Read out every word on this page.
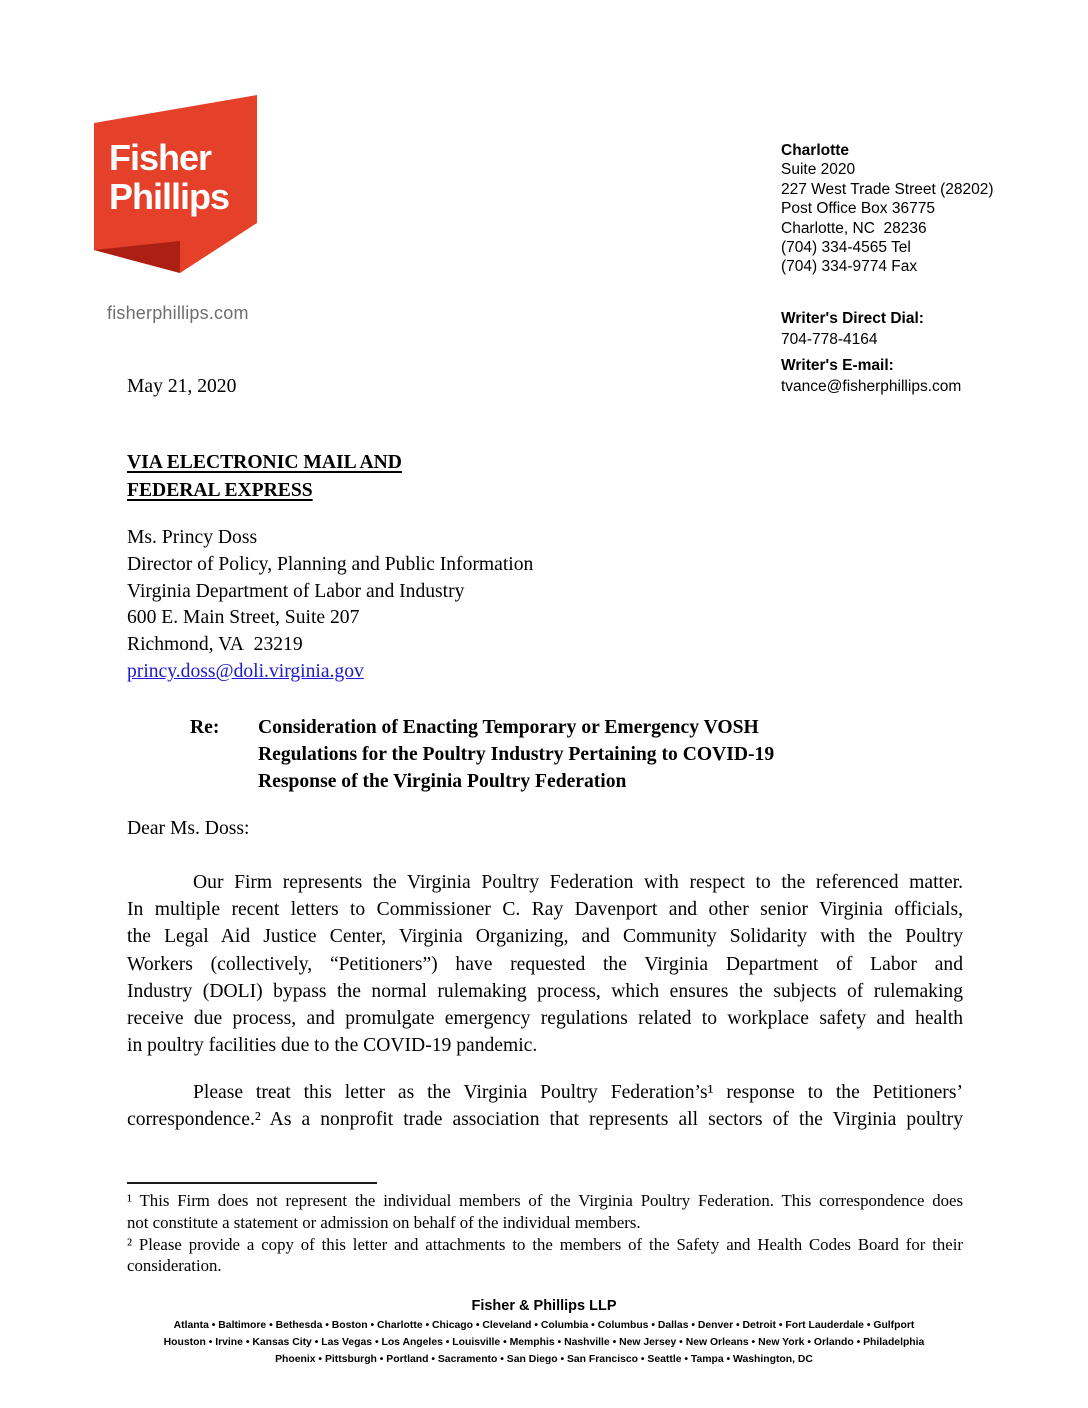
Fisher
Phillips
fisherphillips.com
Charlotte
Suite 2020
227 West Trade Street (28202)
Post Office Box 36775
Charlotte, NC  28236
(704) 334-4565 Tel
(704) 334-9774 Fax
Writer's Direct Dial:
704-778-4164
Writer's E-mail:
tvance@fisherphillips.com
May 21, 2020
VIA ELECTRONIC MAIL AND
FEDERAL EXPRESS
Ms. Princy Doss
Director of Policy, Planning and Public Information
Virginia Department of Labor and Industry
600 E. Main Street, Suite 207
Richmond, VA  23219
princy.doss@doli.virginia.gov
Re:	Consideration of Enacting Temporary or Emergency VOSH
Regulations for the Poultry Industry Pertaining to COVID-19
Response of the Virginia Poultry Federation
Dear Ms. Doss:
Our Firm represents the Virginia Poultry Federation with respect to the referenced matter.
In multiple recent letters to Commissioner C. Ray Davenport and other senior Virginia officials,
the Legal Aid Justice Center, Virginia Organizing, and Community Solidarity with the Poultry
Workers (collectively, “Petitioners”) have requested the Virginia Department of Labor and
Industry (DOLI) bypass the normal rulemaking process, which ensures the subjects of rulemaking
receive due process, and promulgate emergency regulations related to workplace safety and health
in poultry facilities due to the COVID-19 pandemic.
Please treat this letter as the Virginia Poultry Federation’s¹ response to the Petitioners’
correspondence.² As a nonprofit trade association that represents all sectors of the Virginia poultry
¹ This Firm does not represent the individual members of the Virginia Poultry Federation. This correspondence does
not constitute a statement or admission on behalf of the individual members.
² Please provide a copy of this letter and attachments to the members of the Safety and Health Codes Board for their
consideration.
Fisher & Phillips LLP
Atlanta • Baltimore • Bethesda • Boston • Charlotte • Chicago • Cleveland • Columbia • Columbus • Dallas • Denver • Detroit • Fort Lauderdale • Gulfport
Houston • Irvine • Kansas City • Las Vegas • Los Angeles • Louisville • Memphis • Nashville • New Jersey • New Orleans • New York • Orlando • Philadelphia
Phoenix • Pittsburgh • Portland • Sacramento • San Diego • San Francisco • Seattle • Tampa • Washington, DC
